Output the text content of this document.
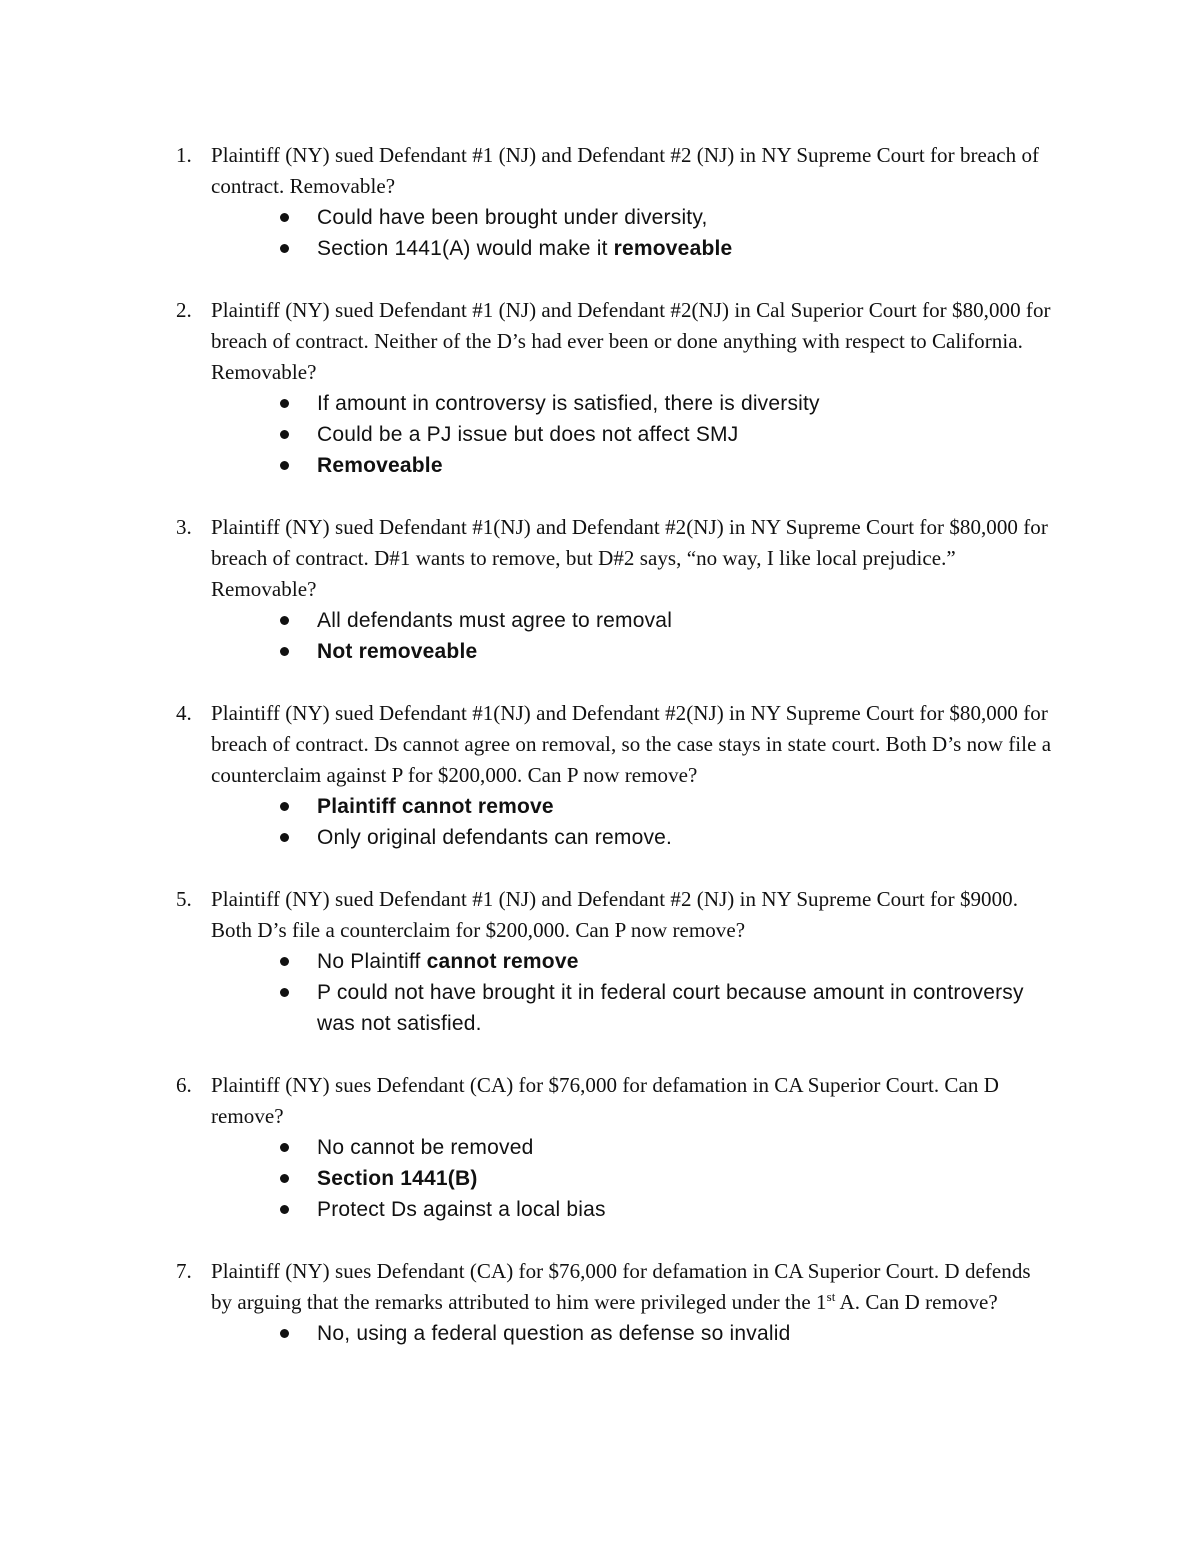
1. Plaintiff (NY) sued Defendant #1 (NJ) and Defendant #2 (NJ) in NY Supreme Court for breach of contract. Removable?
Could have been brought under diversity,
Section 1441(A) would make it removeable
2. Plaintiff (NY) sued Defendant #1 (NJ) and Defendant #2(NJ) in Cal Superior Court for $80,000 for breach of contract. Neither of the D’s had ever been or done anything with respect to California. Removable?
If amount in controversy is satisfied, there is diversity
Could be a PJ issue but does not affect SMJ
Removeable
3. Plaintiff (NY) sued Defendant #1(NJ) and Defendant #2(NJ) in NY Supreme Court for $80,000 for breach of contract. D#1 wants to remove, but D#2 says, “no way, I like local prejudice.” Removable?
All defendants must agree to removal
Not removeable
4. Plaintiff (NY) sued Defendant #1(NJ) and Defendant #2(NJ) in NY Supreme Court for $80,000 for breach of contract. Ds cannot agree on removal, so the case stays in state court. Both D’s now file a counterclaim against P for $200,000. Can P now remove?
Plaintiff cannot remove
Only original defendants can remove.
5. Plaintiff (NY) sued Defendant #1 (NJ) and Defendant #2 (NJ) in NY Supreme Court for $9000. Both D’s file a counterclaim for $200,000. Can P now remove?
No Plaintiff cannot remove
P could not have brought it in federal court because amount in controversy was not satisfied.
6. Plaintiff (NY) sues Defendant (CA) for $76,000 for defamation in CA Superior Court. Can D remove?
No cannot be removed
Section 1441(B)
Protect Ds against a local bias
7. Plaintiff (NY) sues Defendant (CA) for $76,000 for defamation in CA Superior Court. D defends by arguing that the remarks attributed to him were privileged under the 1st A. Can D remove?
No, using a federal question as defense so invalid
